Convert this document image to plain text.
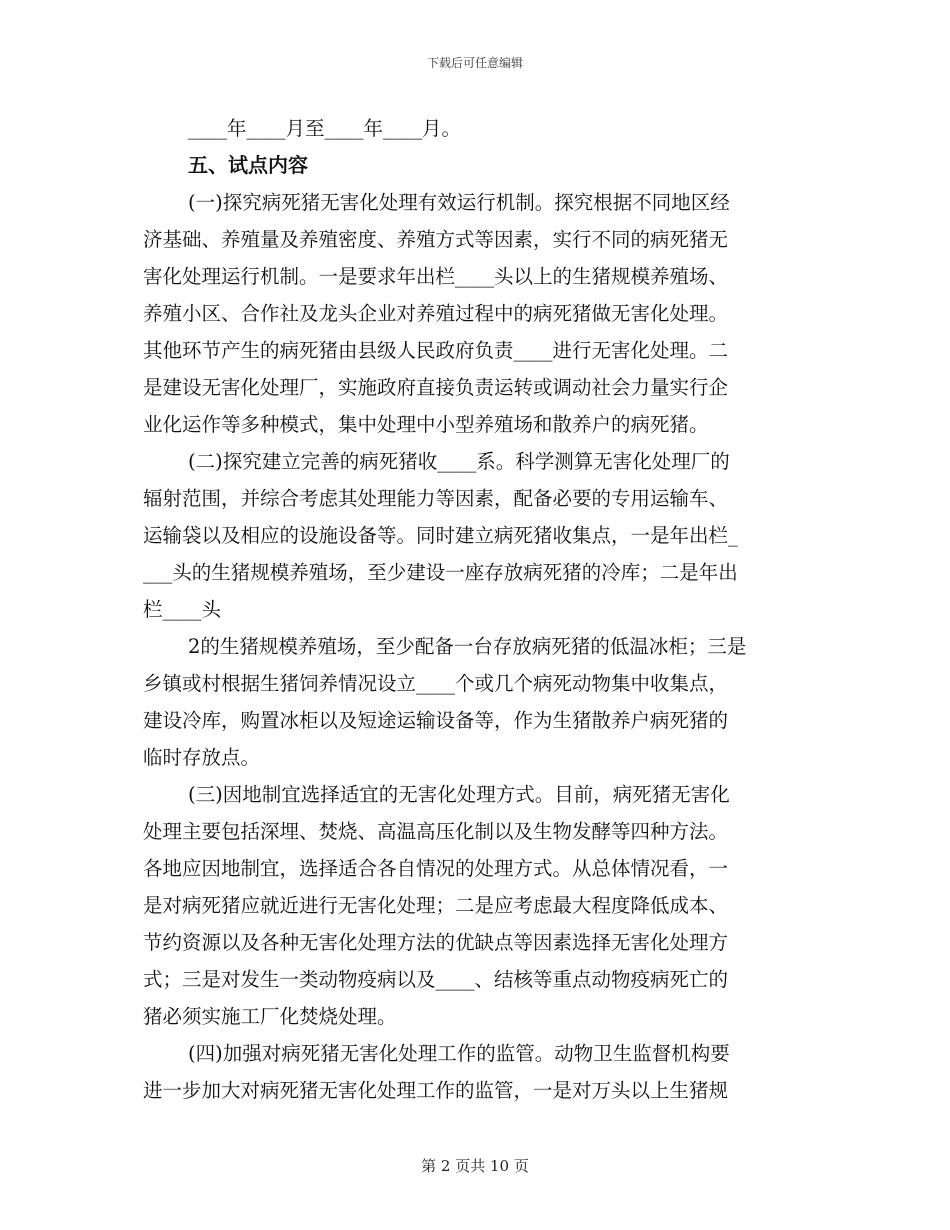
下载后可任意编辑
____年____月至____年____月。
五、试点内容
(一)探究病死猪无害化处理有效运行机制。探究根据不同地区经
济基础、养殖量及养殖密度、养殖方式等因素，实行不同的病死猪无
害化处理运行机制。一是要求年出栏____头以上的生猪规模养殖场、
养殖小区、合作社及龙头企业对养殖过程中的病死猪做无害化处理。
其他环节产生的病死猪由县级人民政府负责____进行无害化处理。二
是建设无害化处理厂，实施政府直接负责运转或调动社会力量实行企
业化运作等多种模式，集中处理中小型养殖场和散养户的病死猪。
(二)探究建立完善的病死猪收____系。科学测算无害化处理厂的
辐射范围，并综合考虑其处理能力等因素，配备必要的专用运输车、
运输袋以及相应的设施设备等。同时建立病死猪收集点，一是年出栏_
___头的生猪规模养殖场，至少建设一座存放病死猪的冷库；二是年出
栏____头
2的生猪规模养殖场，至少配备一台存放病死猪的低温冰柜；三是
乡镇或村根据生猪饲养情况设立____个或几个病死动物集中收集点，
建设冷库，购置冰柜以及短途运输设备等，作为生猪散养户病死猪的
临时存放点。
(三)因地制宜选择适宜的无害化处理方式。目前，病死猪无害化
处理主要包括深埋、焚烧、高温高压化制以及生物发酵等四种方法。
各地应因地制宜，选择适合各自情况的处理方式。从总体情况看，一
是对病死猪应就近进行无害化处理；二是应考虑最大程度降低成本、
节约资源以及各种无害化处理方法的优缺点等因素选择无害化处理方
式；三是对发生一类动物疫病以及____、结核等重点动物疫病死亡的
猪必须实施工厂化焚烧处理。
(四)加强对病死猪无害化处理工作的监管。动物卫生监督机构要
进一步加大对病死猪无害化处理工作的监管，一是对万头以上生猪规
第 2 页共 10 页
